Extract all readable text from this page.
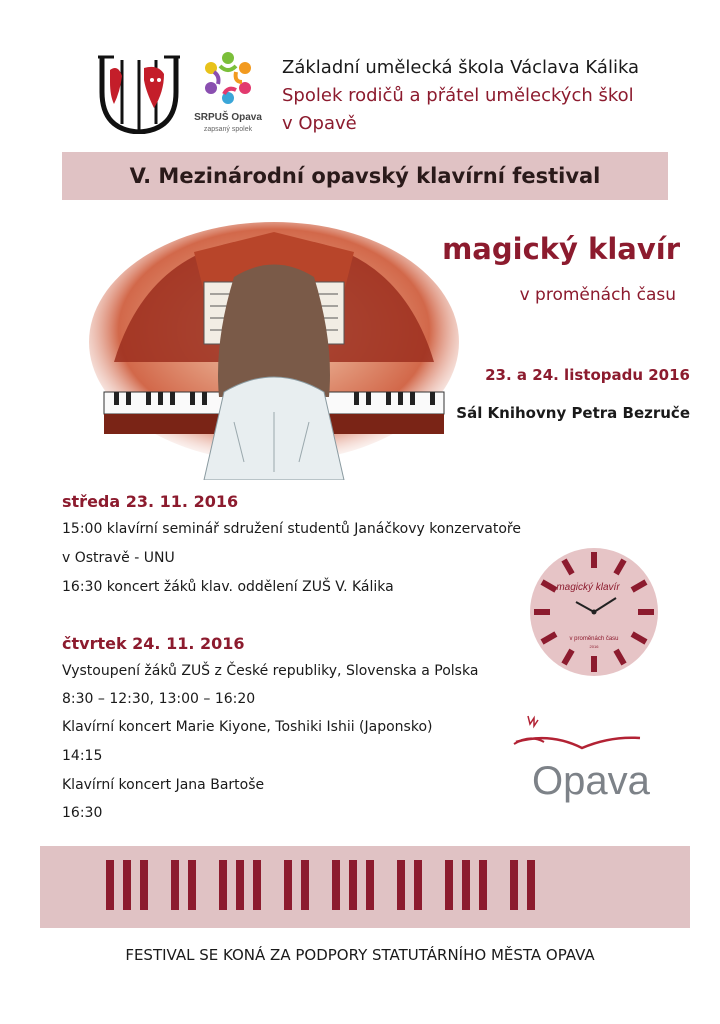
SRPUŠ Opava
zapsaný spolek
Základní umělecká škola Václava Kálika
Spolek rodičů a přátel uměleckých škol
v Opavě
V. Mezinárodní opavský klavírní festival
magický klavír
v proměnách času
23. a 24. listopadu 2016
Sál Knihovny Petra Bezruče
středa 23. 11. 2016
15:00 klavírní seminář sdružení studentů Janáčkovy konzervatoře
v Ostravě - UNU
16:30 koncert žáků klav. oddělení ZUŠ V. Kálika
čtvrtek 24. 11. 2016
Vystoupení žáků ZUŠ z České republiky, Slovenska a Polska
8:30 – 12:30, 13:00 – 16:20
Klavírní koncert Marie Kiyone, Toshiki Ishii (Japonsko)
14:15
Klavírní koncert Jana Bartoše
16:30
magický klavír
v proměnách času
2016
Opava
FESTIVAL SE KONÁ ZA PODPORY STATUTÁRNÍHO MĚSTA OPAVA
